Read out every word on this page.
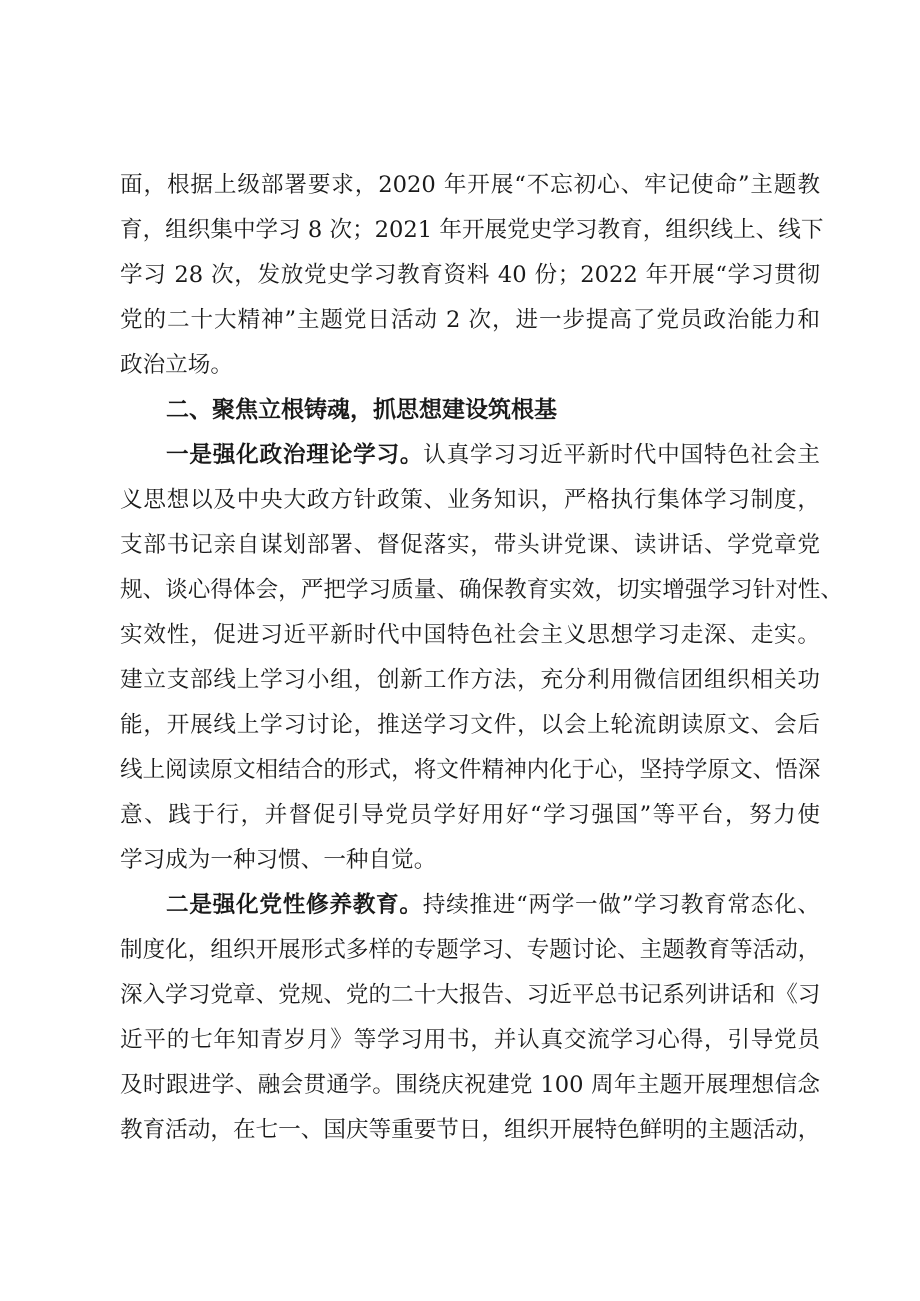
面，根据上级部署要求，2020 年开展“不忘初心、牢记使命”主题教
育，组织集中学习 8 次；2021 年开展党史学习教育，组织线上、线下
学习 28 次，发放党史学习教育资料 40 份；2022 年开展“学习贯彻
党的二十大精神”主题党日活动 2 次，进一步提高了党员政治能力和
政治立场。
二、聚焦立根铸魂，抓思想建设筑根基
一是强化政治理论学习。认真学习习近平新时代中国特色社会主
义思想以及中央大政方针政策、业务知识，严格执行集体学习制度，
支部书记亲自谋划部署、督促落实，带头讲党课、读讲话、学党章党
规、谈心得体会，严把学习质量、确保教育实效，切实增强学习针对性、
实效性，促进习近平新时代中国特色社会主义思想学习走深、走实。
建立支部线上学习小组，创新工作方法，充分利用微信团组织相关功
能，开展线上学习讨论，推送学习文件，以会上轮流朗读原文、会后
线上阅读原文相结合的形式，将文件精神内化于心，坚持学原文、悟深
意、践于行，并督促引导党员学好用好“学习强国”等平台，努力使
学习成为一种习惯、一种自觉。
二是强化党性修养教育。持续推进“两学一做”学习教育常态化、
制度化，组织开展形式多样的专题学习、专题讨论、主题教育等活动，
深入学习党章、党规、党的二十大报告、习近平总书记系列讲话和《习
近平的七年知青岁月》等学习用书，并认真交流学习心得，引导党员
及时跟进学、融会贯通学。围绕庆祝建党 100 周年主题开展理想信念
教育活动，在七一、国庆等重要节日，组织开展特色鲜明的主题活动，
